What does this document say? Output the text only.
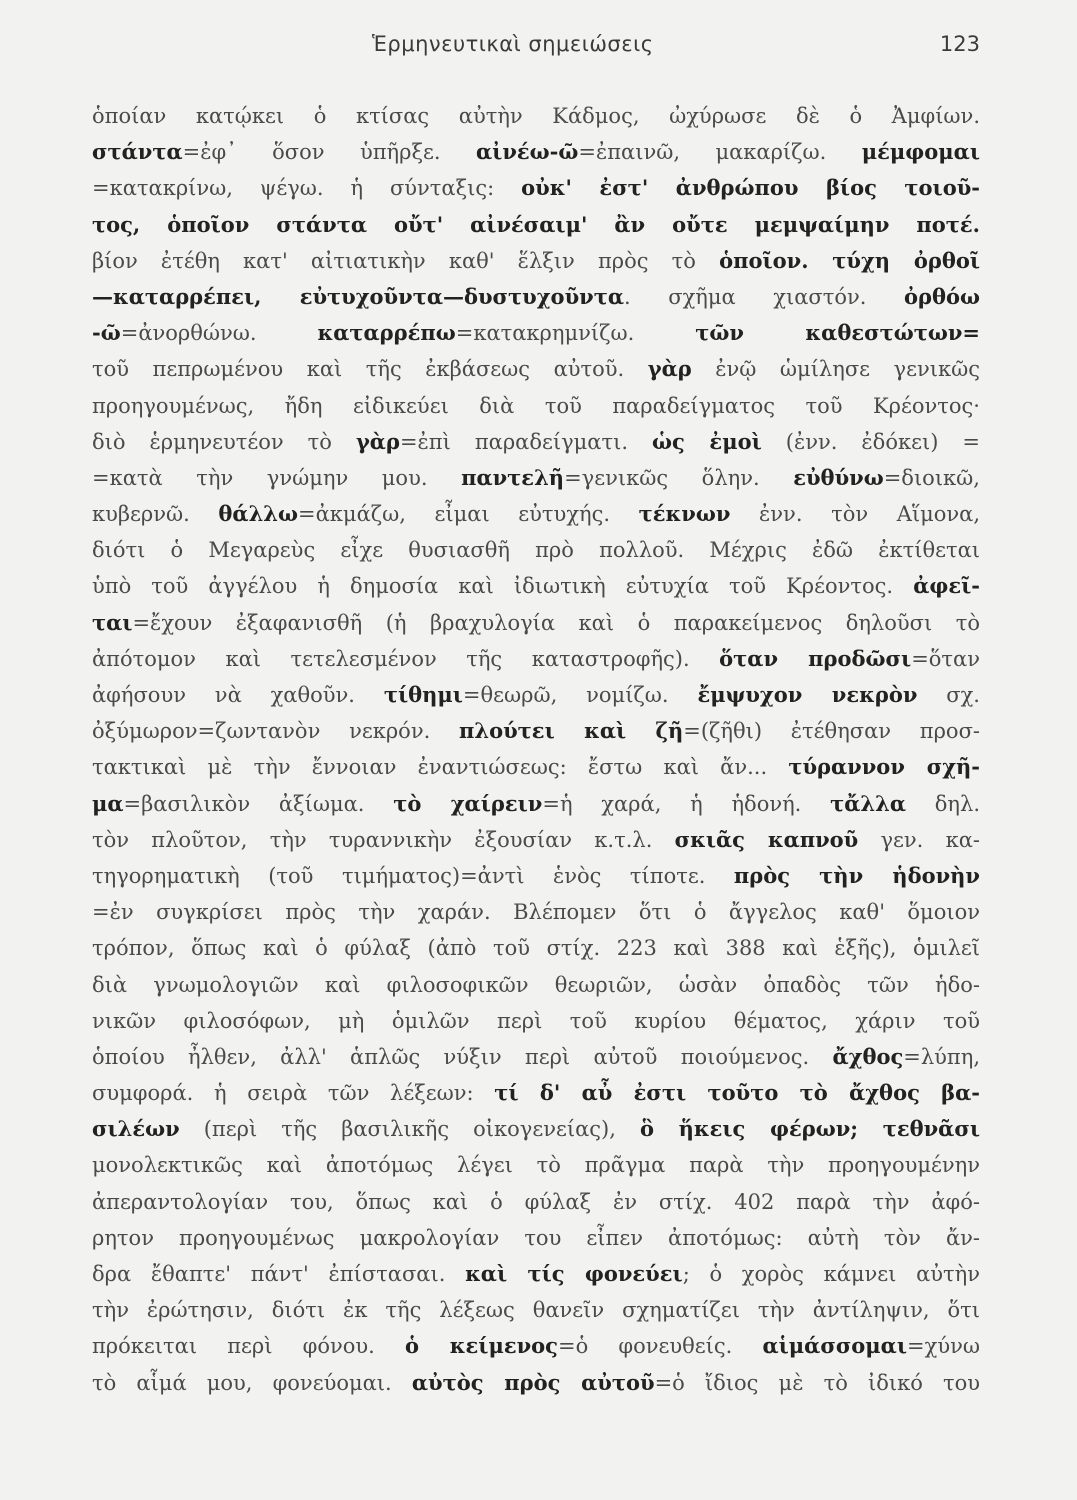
Ἑρμηνευτικαὶ σημειώσεις	123
ὁποίαν κατῴκει ὁ κτίσας αὐτὴν Κάδμος, ὠχύρωσε δὲ ὁ Ἀμφίων.
στάντα=ἐφ᾽ ὅσον ὑπῆρξε. αἰνέω-ῶ=ἐπαινῶ, μακαρίζω. μέμφομαι
=κατακρίνω, ψέγω. ἡ σύνταξις: οὐκ' ἐστ' ἀνθρώπου βίος τοιοῦ-
τος, ὁποῖον στάντα οὔτ' αἰνέσαιμ' ἂν οὔτε μεμψαίμην ποτέ.
βίον ἐτέθη κατ' αἰτιατικὴν καθ' ἕλξιν πρὸς τὸ ὁποῖον. τύχη ὀρθοῖ
—καταρρέπει, εὐτυχοῦντα—δυστυχοῦντα. σχῆμα χιαστόν. ὀρθόω
-ῶ=ἀνορθώνω. καταρρέπω=κατακρημνίζω. τῶν καθεστώτων=
τοῦ πεπρωμένου καὶ τῆς ἐκβάσεως αὐτοῦ. γὰρ ἐνῷ ὡμίλησε γενικῶς
προηγουμένως, ἤδη εἰδικεύει διὰ τοῦ παραδείγματος τοῦ Κρέοντος·
διὸ ἑρμηνευτέον τὸ γὰρ=ἐπὶ παραδείγματι. ὡς ἐμοὶ (ἐνν. ἐδόκει) =
=κατὰ τὴν γνώμην μου. παντελῆ=γενικῶς ὅλην. εὐθύνω=διοικῶ,
κυβερνῶ. θάλλω=ἀκμάζω, εἶμαι εὐτυχής. τέκνων ἐνν. τὸν Αἵμονα,
διότι ὁ Μεγαρεὺς εἶχε θυσιασθῆ πρὸ πολλοῦ. Μέχρις ἐδῶ ἐκτίθεται
ὑπὸ τοῦ ἀγγέλου ἡ δημοσία καὶ ἰδιωτικὴ εὐτυχία τοῦ Κρέοντος. ἀφεῖ-
ται=ἔχουν ἐξαφανισθῆ (ἡ βραχυλογία καὶ ὁ παρακείμενος δηλοῦσι τὸ
ἀπότομον καὶ τετελεσμένον τῆς καταστροφῆς). ὅταν προδῶσι=ὅταν
ἀφήσουν νὰ χαθοῦν. τίθημι=θεωρῶ, νομίζω. ἔμψυχον νεκρὸν σχ.
ὀξύμωρον=ζωντανὸν νεκρόν. πλούτει καὶ ζῆ=(ζῆθι) ἐτέθησαν προσ-
τακτικαὶ μὲ τὴν ἔννοιαν ἐναντιώσεως: ἔστω καὶ ἄν... τύραννον σχῆ-
μα=βασιλικὸν ἀξίωμα. τὸ χαίρειν=ἡ χαρά, ἡ ἡδονή. τἄλλα δηλ.
τὸν πλοῦτον, τὴν τυραννικὴν ἐξουσίαν κ.τ.λ. σκιᾶς καπνοῦ γεν. κα-
τηγορηματικὴ (τοῦ τιμήματος)=ἀντὶ ἑνὸς τίποτε. πρὸς τὴν ἡδονὴν
=ἐν συγκρίσει πρὸς τὴν χαράν. Βλέπομεν ὅτι ὁ ἄγγελος καθ' ὅμοιον
τρόπον, ὅπως καὶ ὁ φύλαξ (ἀπὸ τοῦ στίχ. 223 καὶ 388 καὶ ἑξῆς), ὁμιλεῖ
διὰ γνωμολογιῶν καὶ φιλοσοφικῶν θεωριῶν, ὡσὰν ὀπαδὸς τῶν ἡδο-
νικῶν φιλοσόφων, μὴ ὁμιλῶν περὶ τοῦ κυρίου θέματος, χάριν τοῦ
ὁποίου ἦλθεν, ἀλλ' ἁπλῶς νύξιν περὶ αὐτοῦ ποιούμενος. ἄχθος=λύπη,
συμφορά. ἡ σειρὰ τῶν λέξεων: τί δ' αὖ ἐστι τοῦτο τὸ ἄχθος βα-
σιλέων (περὶ τῆς βασιλικῆς οἰκογενείας), ὃ ἥκεις φέρων; τεθνᾶσι
μονολεκτικῶς καὶ ἀποτόμως λέγει τὸ πρᾶγμα παρὰ τὴν προηγουμένην
ἀπεραντολογίαν του, ὅπως καὶ ὁ φύλαξ ἐν στίχ. 402 παρὰ τὴν ἀφό-
ρητον προηγουμένως μακρολογίαν του εἶπεν ἀποτόμως: αὐτὴ τὸν ἄν-
δρα ἔθαπτε' πάντ' ἐπίστασαι. καὶ τίς φονεύει; ὁ χορὸς κάμνει αὐτὴν
τὴν ἐρώτησιν, διότι ἐκ τῆς λέξεως θανεῖν σχηματίζει τὴν ἀντίληψιν, ὅτι
πρόκειται περὶ φόνου. ὁ κείμενος=ὁ φονευθείς. αἱμάσσομαι=χύνω
τὸ αἷμά μου, φονεύομαι. αὐτὸς πρὸς αὐτοῦ=ὁ ἴδιος μὲ τὸ ἰδικό του
